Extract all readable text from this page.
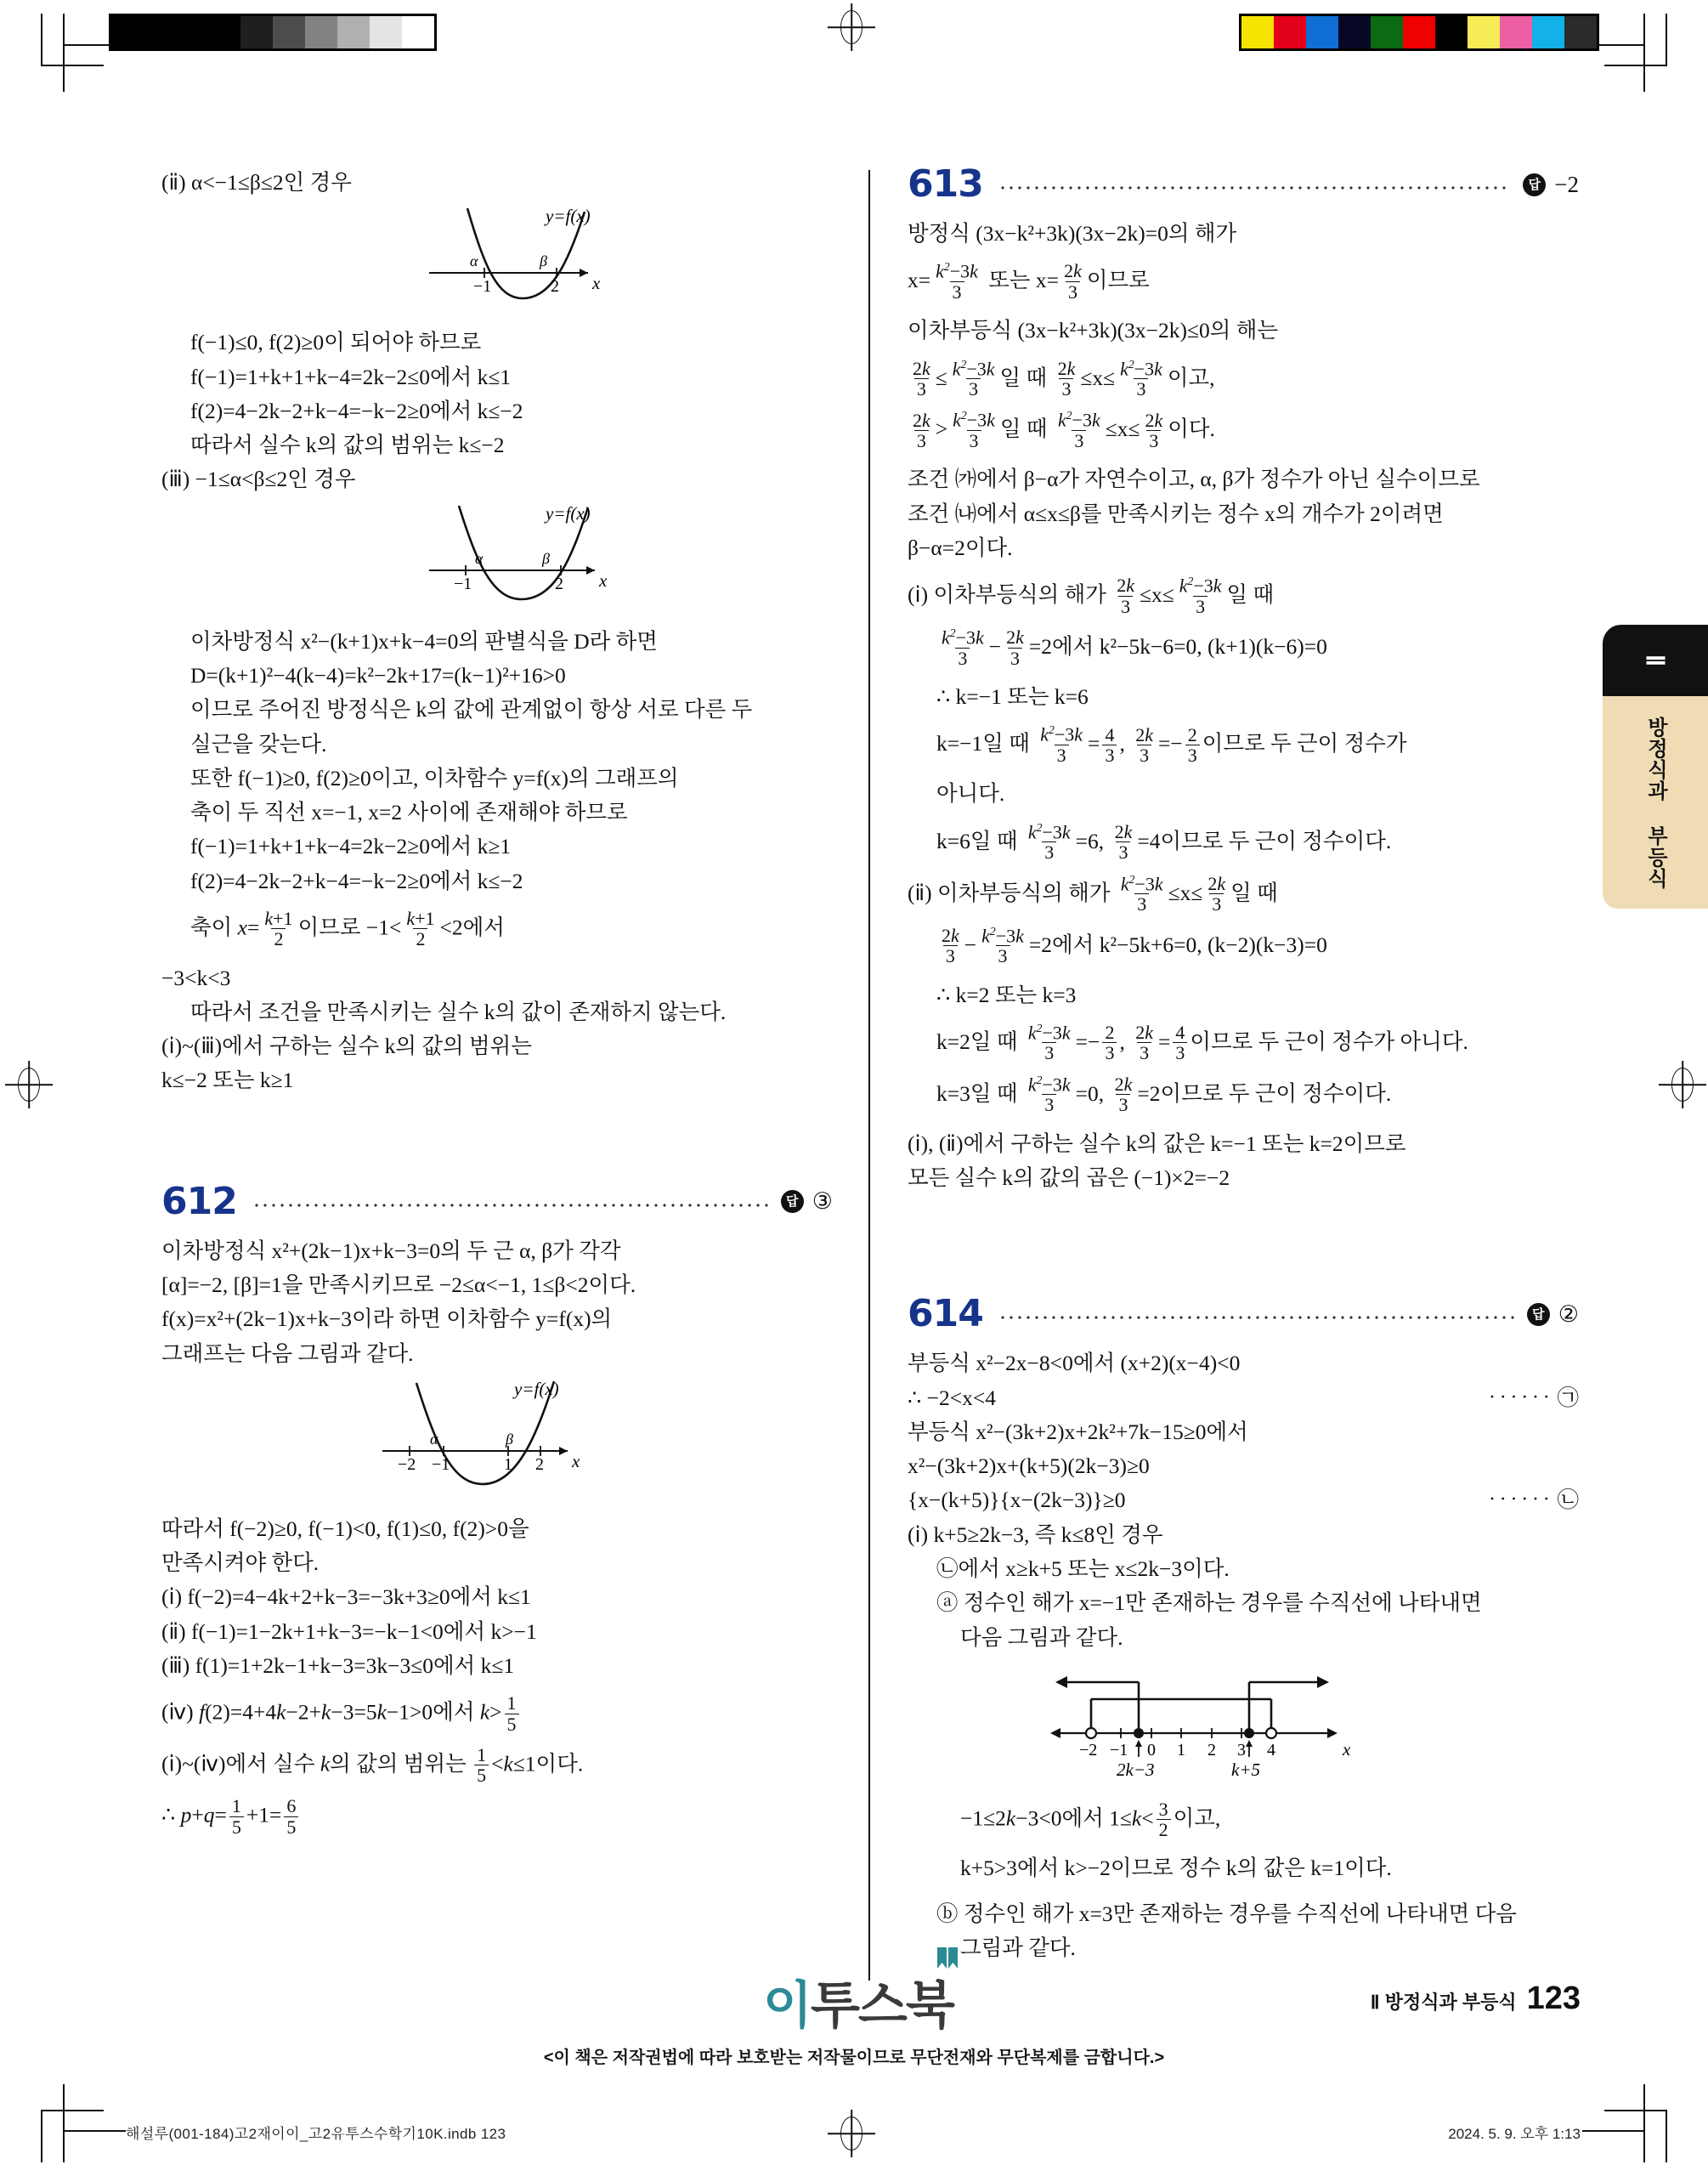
(ⅱ) α<−1≤β≤2인 경우

α	β
−1	2 x
y=f(x)

f(−1)≤0, f(2)≥0이 되어야 하므로

f(−1)=1+k+1+k−4=2k−2≤0에서 k≤1

f(2)=4−2k−2+k−4=−k−2≥0에서 k≤−2

따라서 실수 k의 값의 범위는 k≤−2

(ⅲ) −1≤α<β≤2인 경우

α	β
−1	2 x
y=f(x)

이차방정식 x²−(k+1)x+k−4=0의 판별식을 D라 하면

D=(k+1)²−4(k−4)=k²−2k+17=(k−1)²+16>0

이므로 주어진 방정식은 k의 값에 관계없이 항상 서로 다른 두

실근을 갖는다.

또한 f(−1)≥0, f(2)≥0이고, 이차함수 y=f(x)의 그래프의

축이 두 직선 x=−1, x=2 사이에 존재해야 하므로

f(−1)=1+k+1+k−4=2k−2≥0에서 k≥1

f(2)=4−2k−2+k−4=−k−2≥0에서 k≤−2

축이 $x= \frac{k+1}{2}$ 이므로 $-1< \frac{k+1}{2} <2$에서

−3<k<3

따라서 조건을 만족시키는 실수 k의 값이 존재하지 않는다.

(ⅰ)~(ⅲ)에서 구하는 실수 k의 값의 범위는

k≤−2 또는 k≥1

612	답 ③

이차방정식 x²+(2k−1)x+k−3=0의 두 근 α, β가 각각

[α]=−2, [β]=1을 만족시키므로 −2≤α<−1, 1≤β<2이다.

f(x)=x²+(2k−1)x+k−3이라 하면 이차함수 y=f(x)의

그래프는 다음 그림과 같다.

α	β
−2 −1	1 2 x
y=f(x)

따라서 f(−2)≥0, f(−1)<0, f(1)≤0, f(2)>0을

만족시켜야 한다.

(ⅰ) f(−2)=4−4k+2+k−3=−3k+3≥0에서 k≤1

(ⅱ) f(−1)=1−2k+1+k−3=−k−1<0에서 k>−1

(ⅲ) f(1)=1+2k−1+k−3=3k−3≤0에서 k≤1

(ⅳ) f(2)=4+4k−2+k−3=5k−1>0에서 $k> \frac{1}{5}$

(ⅰ)~(ⅳ)에서 실수 k의 값의 범위는 $\frac{1}{5} <k\le 1$이다.

∴ $p+q= \frac{1}{5} +1= \frac{6}{5}$

613	답 −2

방정식 (3x−k²+3k)(3x−2k)=0의 해가

$x= \frac{k^2-3k}{3}$ 또는 $x= \frac{2k}{3}$ 이므로

이차부등식 (3x−k²+3k)(3x−2k)≤0의 해는

$\frac{2k}{3} \le \frac{k^2-3k}{3}$ 일 때 $\frac{2k}{3} \le x\le \frac{k^2-3k}{3}$ 이고,

$\frac{2k}{3} > \frac{k^2-3k}{3}$ 일 때 $\frac{k^2-3k}{3} \le x\le \frac{2k}{3}$ 이다.

조건 ㈎에서 β−α가 자연수이고, α, β가 정수가 아닌 실수이므로

조건 ㈏에서 α≤x≤β를 만족시키는 정수 x의 개수가 2이려면

β−α=2이다.

(ⅰ) 이차부등식의 해가 $\frac{2k}{3} \le x\le \frac{k^2-3k}{3}$ 일 때

$\frac{k^2-3k}{3} - \frac{2k}{3} =2$에서 k²−5k−6=0, (k+1)(k−6)=0

∴ k=−1 또는 k=6

k=−1일 때 $\frac{k^2-3k}{3} = \frac{4}{3}$ , $\frac{2k}{3} =- \frac{2}{3}$ 이므로 두 근이 정수가

아니다.

k=6일 때 $\frac{k^2-3k}{3} =6$, $\frac{2k}{3} =4$이므로 두 근이 정수이다.

(ⅱ) 이차부등식의 해가 $\frac{k^2-3k}{3} \le x\le \frac{2k}{3}$ 일 때

$\frac{2k}{3} - \frac{k^2-3k}{3} =2$에서 k²−5k+6=0, (k−2)(k−3)=0

∴ k=2 또는 k=3

k=2일 때 $\frac{k^2-3k}{3} =- \frac{2}{3}$ , $\frac{2k}{3} = \frac{4}{3}$ 이므로 두 근이 정수가 아니다.

k=3일 때 $\frac{k^2-3k}{3} =0$, $\frac{2k}{3} =2$이므로 두 근이 정수이다.

(ⅰ), (ⅱ)에서 구하는 실수 k의 값은 k=−1 또는 k=2이므로

모든 실수 k의 값의 곱은 (−1)×2=−2

614	답 ②

부등식 x²−2x−8<0에서 (x+2)(x−4)<0

∴ −2<x<4	‥‥‥ ㉠

부등식 x²−(3k+2)x+2k²+7k−15≥0에서

x²−(3k+2)x+(k+5)(2k−3)≥0

{x−(k+5)}{x−(2k−3)}≥0	‥‥‥ ㉡

(ⅰ) k+5≥2k−3, 즉 k≤8인 경우

㉡에서 x≥k+5 또는 x≤2k−3이다.

ⓐ 정수인 해가 x=−1만 존재하는 경우를 수직선에 나타내면

다음 그림과 같다.

−2 −1 0 1 2 3 4	x
2k−3	k+5

−1≤2k−3<0에서 $1\le k< \frac{3}{2}$ 이고,

k+5>3에서 k>−2이므로 정수 k의 값은 k=1이다.

ⓑ 정수인 해가 x=3만 존재하는 경우를 수직선에 나타내면 다음

그림과 같다.

Ⅱ
방정식과 부등식
이투스북
<이 책은 저작권법에 따라 보호받는 저작물이므로 무단전재와 무단복제를 금합니다.>
Ⅱ 방정식과 부등식 123
해설루(001-184)고2재이이_고2유투스수학기10K.indb 123	2024. 5. 9. 오후 1:13
